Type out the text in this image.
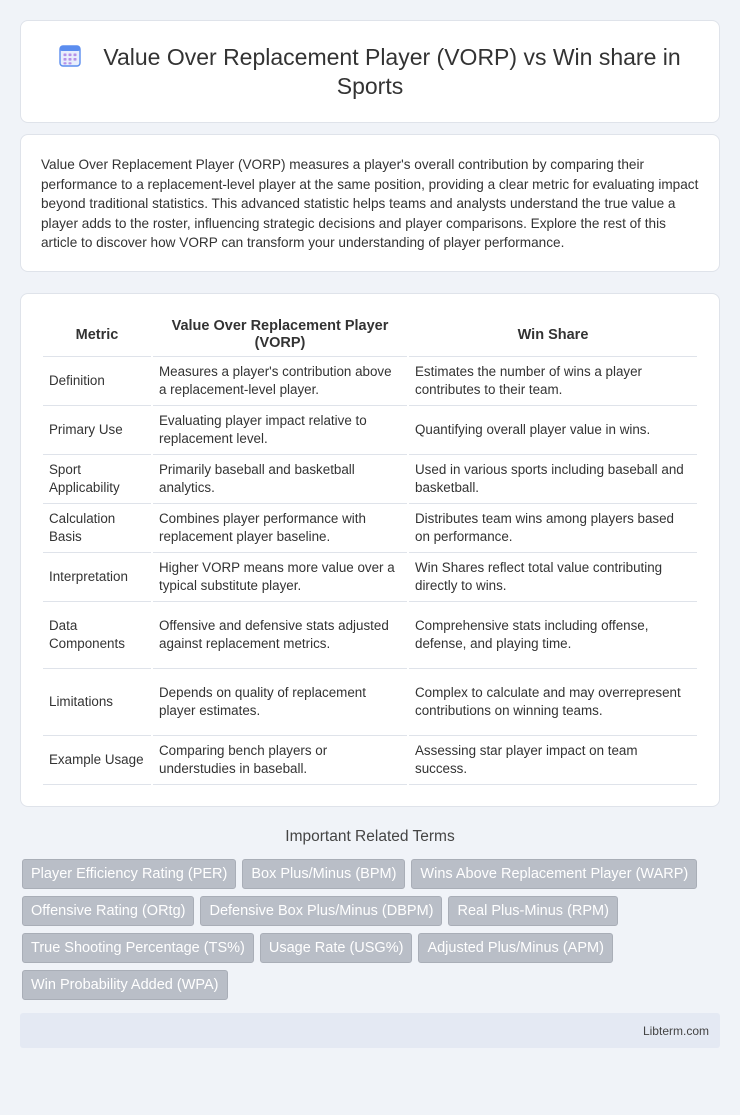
Value Over Replacement Player (VORP) vs Win share in Sports

Value Over Replacement Player (VORP) measures a player's overall contribution by comparing their performance to a replacement-level player at the same position, providing a clear metric for evaluating impact beyond traditional statistics. This advanced statistic helps teams and analysts understand the true value a player adds to the roster, influencing strategic decisions and player comparisons. Explore the rest of this article to discover how VORP can transform your understanding of player performance.

Metric	Value Over Replacement Player (VORP)	Win Share
Definition	Measures a player's contribution above a replacement-level player.	Estimates the number of wins a player contributes to their team.
Primary Use	Evaluating player impact relative to replacement level.	Quantifying overall player value in wins.
Sport Applicability	Primarily baseball and basketball analytics.	Used in various sports including baseball and basketball.
Calculation Basis	Combines player performance with replacement player baseline.	Distributes team wins among players based on performance.
Interpretation	Higher VORP means more value over a typical substitute player.	Win Shares reflect total value contributing directly to wins.
Data Components	Offensive and defensive stats adjusted against replacement metrics.	Comprehensive stats including offense, defense, and playing time.
Limitations	Depends on quality of replacement player estimates.	Complex to calculate and may overrepresent contributions on winning teams.
Example Usage	Comparing bench players or understudies in baseball.	Assessing star player impact on team success.
Important Related Terms
Player Efficiency Rating (PER)	Box Plus/Minus (BPM)	Wins Above Replacement Player (WARP)
Offensive Rating (ORtg)	Defensive Box Plus/Minus (DBPM)	Real Plus-Minus (RPM)
True Shooting Percentage (TS%)	Usage Rate (USG%)	Adjusted Plus/Minus (APM)
Win Probability Added (WPA)
Libterm.com
